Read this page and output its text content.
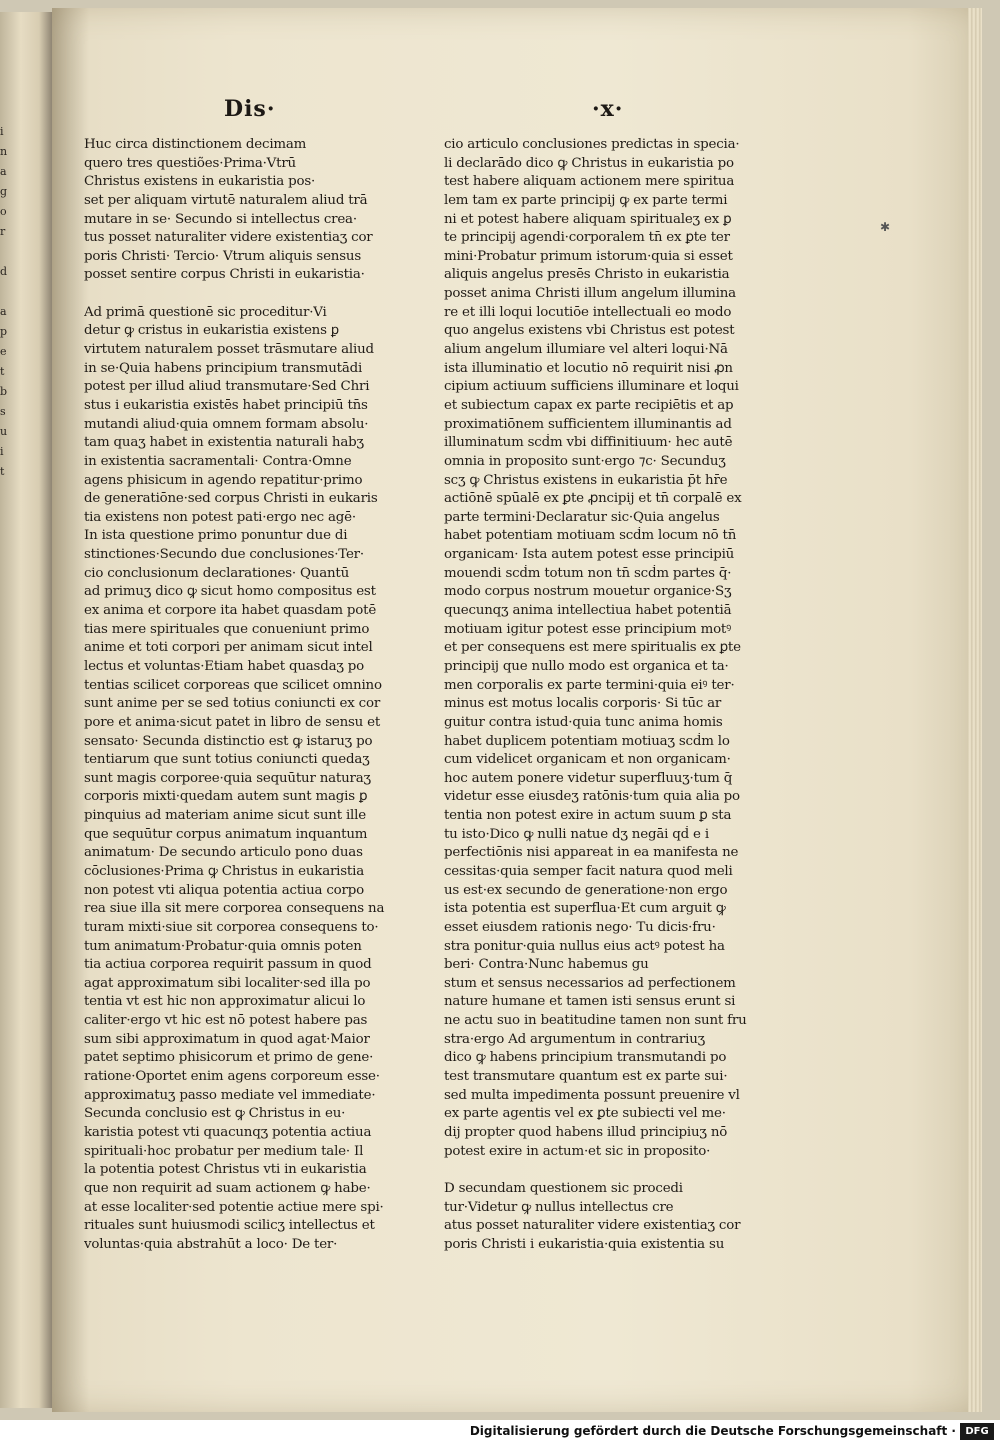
i
n
a
g
o
r
d
a
p
e
t
b
s
u
i
t
Dis·	·x·
Huc circa distinctionem decimam
quero tres questiões·Prima·Vtrū
Christus existens in eukaristia pos·
set per aliquam virtutē naturalem aliud trā
mutare in se· Secundo si intellectus crea·
tus posset naturaliter videre existentiaʒ cor
poris Christi· Tercio· Vtrum aliquis sensus
posset sentire corpus Christi in eukaristia·
Ad primā questionē sic proceditur·Vi
detur ꝙ cristus in eukaristia existens ꝑ
virtutem naturalem posset trāsmutare aliud
in se·Quia habens principium transmutādi
potest per illud aliud transmutare·Sed Chri
stus i eukaristia existēs habet principiū tn̄s
mutandi aliud·quia omnem formam absolu·
tam quaʒ habet in existentia naturali habʒ
in existentia sacramentali· Contra·Omne
agens phisicum in agendo repatitur·primo
de generatiōne·sed corpus Christi in eukaris
tia existens non potest pati·ergo nec agē·
In ista questione primo ponuntur due di
stinctiones·Secundo due conclusiones·Ter·
cio conclusionum declarationes· Quantū
ad primuʒ dico ꝙ sicut homo compositus est
ex anima et corpore ita habet quasdam potē
tias mere spirituales que conueniunt primo
anime et toti corpori per animam sicut intel
lectus et voluntas·Etiam habet quasdaʒ po
tentias scilicet corporeas que scilicet omnino
sunt anime per se sed totius coniuncti ex cor
pore et anima·sicut patet in libro de sensu et
sensato· Secunda distinctio est ꝙ istaruʒ po
tentiarum que sunt totius coniuncti quedaʒ
sunt magis corporee·quia sequūtur naturaʒ
corporis mixti·quedam autem sunt magis ꝑ
pinquius ad materiam anime sicut sunt ille
que sequūtur corpus animatum inquantum
animatum· De secundo articulo pono duas
cōclusiones·Prima ꝙ Christus in eukaristia
non potest vti aliqua potentia actiua corpo
rea siue illa sit mere corporea consequens na
turam mixti·siue sit corporea consequens to·
tum animatum·Probatur·quia omnis poten
tia actiua corporea requirit passum in quod
agat approximatum sibi localiter·sed illa po
tentia vt est hic non approximatur alicui lo
caliter·ergo vt hic est nō potest habere pas
sum sibi approximatum in quod agat·Maior
patet septimo phisicorum et primo de gene·
ratione·Oportet enim agens corporeum esse·
approximatuʒ passo mediate vel immediate·
Secunda conclusio est ꝙ Christus in eu·
karistia potest vti quacunqʒ potentia actiua
spirituali·hoc probatur per medium tale· Il
la potentia potest Christus vti in eukaristia
que non requirit ad suam actionem ꝙ habe·
at esse localiter·sed potentie actiue mere spi·
rituales sunt huiusmodi scilicʒ intellectus et
voluntas·quia abstrahūt a loco· De ter·
cio articulo conclusiones predictas in specia·
li declarādo dico ꝙ Christus in eukaristia po
test habere aliquam actionem mere spiritua
lem tam ex parte principij ꝙ ex parte termi
ni et potest habere aliquam spiritualeʒ ex ꝑ
te principij agendi·corporalem tn̄ ex ꝑte ter
mini·Probatur primum istorum·quia si esset
aliquis angelus presēs Christo in eukaristia
posset anima Christi illum angelum illumina
re et illi loqui locutiōe intellectuali eo modo
quo angelus existens vbi Christus est potest
alium angelum illumiare vel alteri loqui·Nā
ista illuminatio et locutio nō requirit nisi ꝓn
cipium actiuum sufficiens illuminare et loqui
et subiectum capax ex parte recipiētis et ap
proximatiōnem sufficientem illuminantis ad
illuminatum scḋm vbi diffinitiuum· hec autē
omnia in proposito sunt·ergo ⁊c· Secunduʒ
scʒ ꝙ Christus existens in eukaristia p̄t hr̄e
actiōnē spūalē ex ꝑte ꝓncipij et tn̄ corpalē ex
parte termini·Declaratur sic·Quia angelus
habet potentiam motiuam scḋm locum nō tn̄
organicam· Ista autem potest esse principiū
mouendi scḋm totum non tn̄ scḋm partes q̄·
modo corpus nostrum mouetur organice·Sʒ
quecunqʒ anima intellectiua habet potentiā
motiuam igitur potest esse principium motꝰ
et per consequens est mere spiritualis ex ꝑte
principij que nullo modo est organica et ta·
men corporalis ex parte termini·quia eiꝰ ter·
minus est motus localis corporis· Si tūc ar
guitur contra istud·quia tunc anima homis
habet duplicem potentiam motiuaʒ scḋm lo
cum videlicet organicam et non organicam·
hoc autem ponere videtur superfluuʒ·tum q̄
videtur esse eiusdeʒ ratōnis·tum quia alia po
tentia non potest exire in actum suum ꝑ sta
tu isto·Dico ꝙ nulli natue dʒ negāi qḋ e i
perfectiōnis nisi appareat in ea manifesta ne
cessitas·quia semper facit natura quod meli
us est·ex secundo de generatione·non ergo
ista potentia est superflua·Et cum arguit ꝙ
esset eiusdem rationis nego· Tu dicis·fru·
stra ponitur·quia nullus eius actꝰ potest ha
beri· Contra·Nunc habemus gu
stum et sensus necessarios ad perfectionem
nature humane et tamen isti sensus erunt si
ne actu suo in beatitudine tamen non sunt fru
stra·ergo Ad argumentum in contrariuʒ
dico ꝙ habens principium transmutandi po
test transmutare quantum est ex parte sui·
sed multa impedimenta possunt preuenire vl
ex parte agentis vel ex ꝑte subiecti vel me·
dij propter quod habens illud principiuʒ nō
potest exire in actum·et sic in proposito·
D secundam questionem sic procedi
tur·Videtur ꝙ nullus intellectus cre
atus posset naturaliter videre existentiaʒ cor
poris Christi i eukaristia·quia existentia su
✱
Digitalisierung gefördert durch die Deutsche Forschungsgemeinschaft · DFG
